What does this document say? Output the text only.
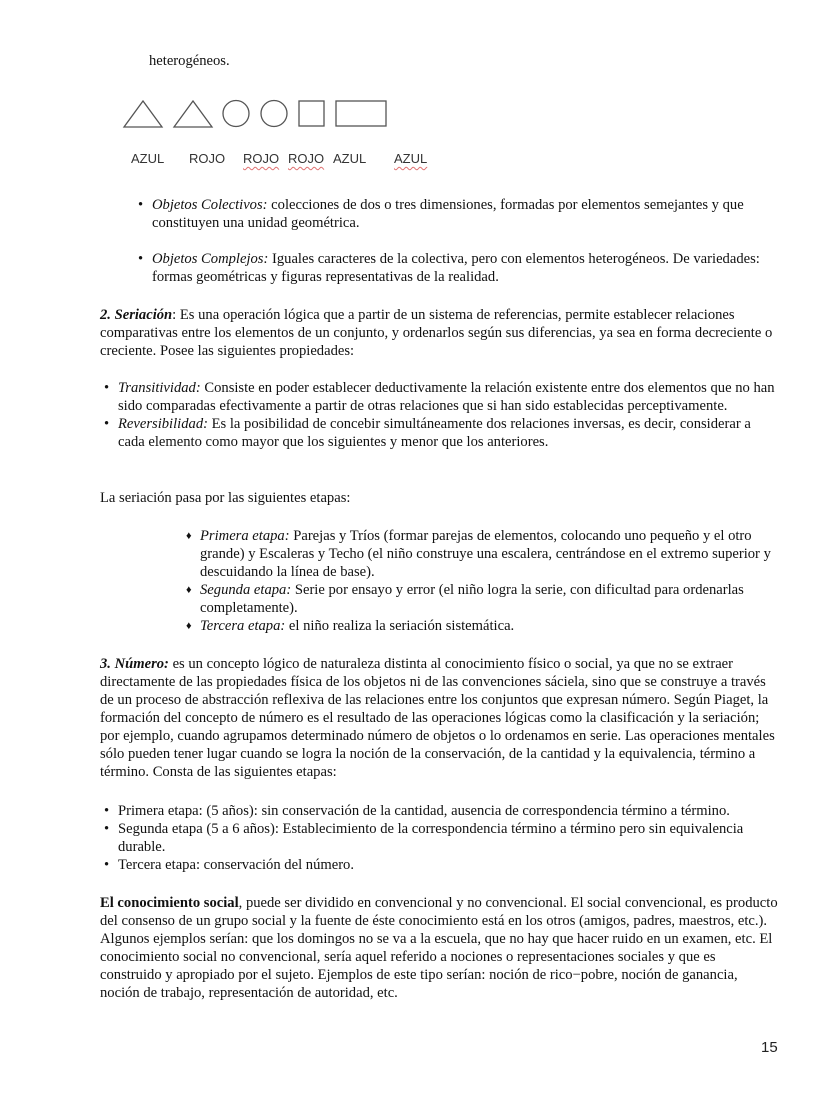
heterogéneos.

AZUL ROJO ROJO ROJO AZUL AZUL
• Objetos Colectivos: colecciones de dos o tres dimensiones, formadas por elementos semejantes y que constituyen una unidad geométrica.
• Objetos Complejos: Iguales caracteres de la colectiva, pero con elementos heterogéneos. De variedades: formas geométricas y figuras representativas de la realidad.

2. Seriación: Es una operación lógica que a partir de un sistema de referencias, permite establecer relaciones comparativas entre los elementos de un conjunto, y ordenarlos según sus diferencias, ya sea en forma decreciente o creciente. Posee las siguientes propiedades:

• Transitividad: Consiste en poder establecer deductivamente la relación existente entre dos elementos que no han sido comparadas efectivamente a partir de otras relaciones que si han sido establecidas perceptivamente.
• Reversibilidad: Es la posibilidad de concebir simultáneamente dos relaciones inversas, es decir, considerar a cada elemento como mayor que los siguientes y menor que los anteriores.

La seriación pasa por las siguientes etapas:

♦ Primera etapa: Parejas y Tríos (formar parejas de elementos, colocando uno pequeño y el otro grande) y Escaleras y Techo (el niño construye una escalera, centrándose en el extremo superior y descuidando la línea de base).
♦ Segunda etapa: Serie por ensayo y error (el niño logra la serie, con dificultad para ordenarlas completamente).
♦ Tercera etapa: el niño realiza la seriación sistemática.

3. Número: es un concepto lógico de naturaleza distinta al conocimiento físico o social, ya que no se extraer directamente de las propiedades física de los objetos ni de las convenciones sáciela, sino que se construye a través de un proceso de abstracción reflexiva de las relaciones entre los conjuntos que expresan número. Según Piaget, la formación del concepto de número es el resultado de las operaciones lógicas como la clasificación y la seriación; por ejemplo, cuando agrupamos determinado número de objetos o lo ordenamos en serie. Las operaciones mentales sólo pueden tener lugar cuando se logra la noción de la conservación, de la cantidad y la equivalencia, término a término. Consta de las siguientes etapas:

• Primera etapa: (5 años): sin conservación de la cantidad, ausencia de correspondencia término a término.
• Segunda etapa (5 a 6 años): Establecimiento de la correspondencia término a término pero sin equivalencia durable.
• Tercera etapa: conservación del número.

El conocimiento social, puede ser dividido en convencional y no convencional. El social convencional, es producto del consenso de un grupo social y la fuente de éste conocimiento está en los otros (amigos, padres, maestros, etc.). Algunos ejemplos serían: que los domingos no se va a la escuela, que no hay que hacer ruido en un examen, etc. El conocimiento social no convencional, sería aquel referido a nociones o representaciones sociales y que es construido y apropiado por el sujeto. Ejemplos de este tipo serían: noción de rico−pobre, noción de ganancia, noción de trabajo, representación de autoridad, etc.

15
